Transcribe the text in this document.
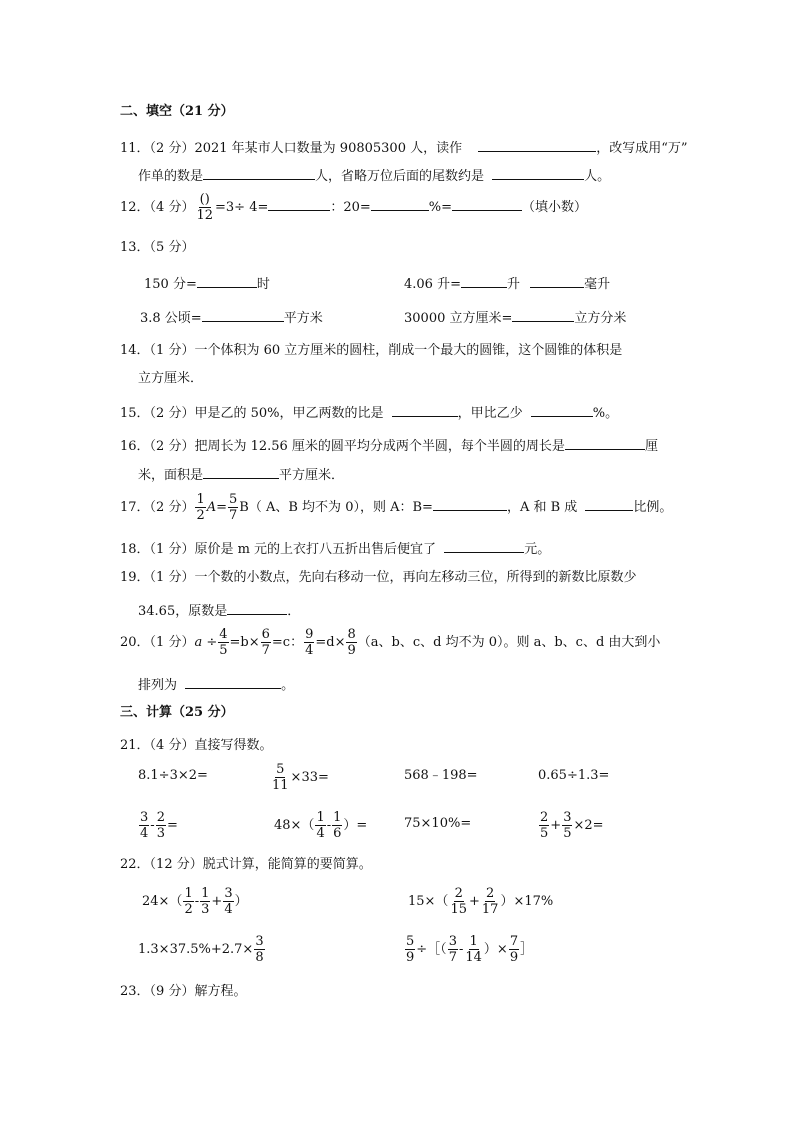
二、填空（21 分）
11．（2 分）2021 年某市人口数量为 90805300 人，读作	，改写成用“万”
作单的数是	人，省略万位后面的尾数约是	人。
12．（4 分） $\frac{()}{12} =3\div 4=$	：20=	%=	（填小数）
13．（5 分）
150 分=	时	4.06 升=	升	毫升
3.8 公顷=	平方米	30000 立方厘米=	立方分米
14．（1 分）一个体积为 60 立方厘米的圆柱，削成一个最大的圆锥，这个圆锥的体积是
立方厘米．
15．（2 分）甲是乙的 50%，甲乙两数的比是	，甲比乙少	%。
16．（2 分）把周长为 12.56 厘米的圆平均分成两个半圆，每个半圆的周长是	厘
米，面积是	平方厘米．
17．（2 分） $\frac{1}{2} A= \frac{5}{7} B$（ A、B 均不为 0），则 A：B=	，A 和 B 成	比例。
18．（1 分）原价是 m 元的上衣打八五折出售后便宜了	元。
19．（1 分）一个数的小数点，先向右移动一位，再向左移动三位，所得到的新数比原数少
34.65，原数是	．
20．（1 分）$a \div \frac{4}{5} =b\times \frac{6}{7} =c$： $\frac{9}{4} =d\times \frac{8}{9} (a$、b、c、d 均不为 0）。则 a、b、c、d 由大到小
排列为	。
三、计算（25 分）
21．（4 分）直接写得数。
8.1÷3×2=	$\frac{5}{11} \times 33=$	568﹣198=	0.65÷1.3=
$\frac{3}{4} - \frac{2}{3}$ =	$48\times( \frac{1}{4} - \frac{1}{6}$ ）=	75×10%=	$\frac{2}{5} + \frac{3}{5} \times 2=$
22．（12 分）脱式计算，能简算的要简算。
$24\times( \frac{1}{2} - \frac{1}{3} + \frac{3}{4}$ ）	$15\times( \frac{2}{15} + \frac{2}{17} )\times 17\%$
$1.3\times 37.5\%+2.7\times \frac{3}{8}$	$\frac{5}{9}$ ÷［（ $\frac{3}{7} - \frac{1}{14}$ ）× $\frac{7}{9}$ ］
23．（9 分）解方程。
